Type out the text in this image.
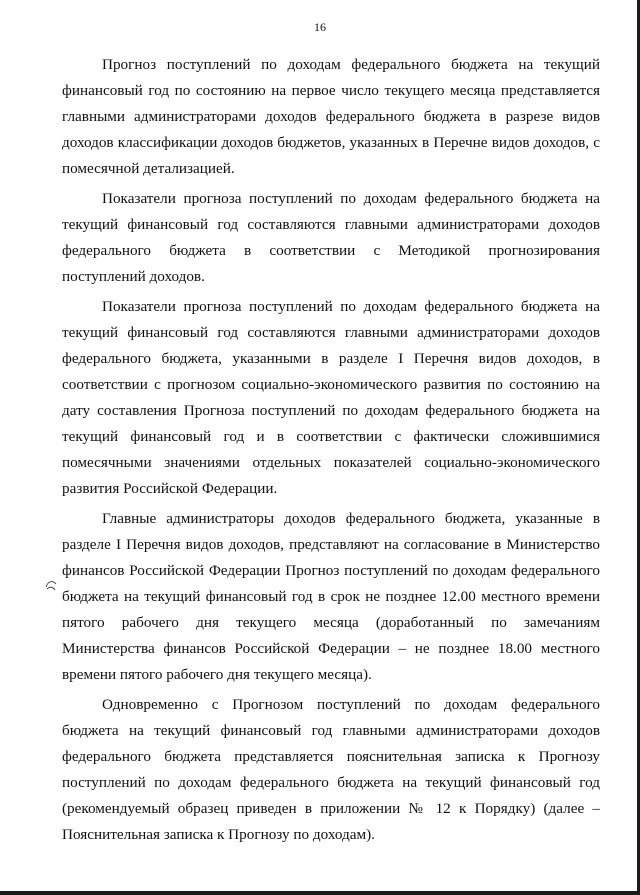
16

Прогноз поступлений по доходам федерального бюджета на текущий финансовый год по состоянию на первое число текущего месяца представляется главными администраторами доходов федерального бюджета в разрезе видов доходов классификации доходов бюджетов, указанных в Перечне видов доходов, с помесячной детализацией.

Показатели прогноза поступлений по доходам федерального бюджета на текущий финансовый год составляются главными администраторами доходов федерального бюджета в соответствии с Методикой прогнозирования поступлений доходов.

Показатели прогноза поступлений по доходам федерального бюджета на текущий финансовый год составляются главными администраторами доходов федерального бюджета, указанными в разделе I Перечня видов доходов, в соответствии с прогнозом социально-экономического развития по состоянию на дату составления Прогноза поступлений по доходам федерального бюджета на текущий финансовый год и в соответствии с фактически сложившимися помесячными значениями отдельных показателей социально-экономического развития Российской Федерации.

Главные администраторы доходов федерального бюджета, указанные в разделе I Перечня видов доходов, представляют на согласование в Министерство финансов Российской Федерации Прогноз поступлений по доходам федерального бюджета на текущий финансовый год в срок не позднее 12.00 местного времени пятого рабочего дня текущего месяца (доработанный по замечаниям Министерства финансов Российской Федерации – не позднее 18.00 местного времени пятого рабочего дня текущего месяца).

Одновременно с Прогнозом поступлений по доходам федерального бюджета на текущий финансовый год главными администраторами доходов федерального бюджета представляется пояснительная записка к Прогнозу поступлений по доходам федерального бюджета на текущий финансовый год (рекомендуемый образец приведен в приложении № 12 к Порядку) (далее – Пояснительная записка к Прогнозу по доходам).
